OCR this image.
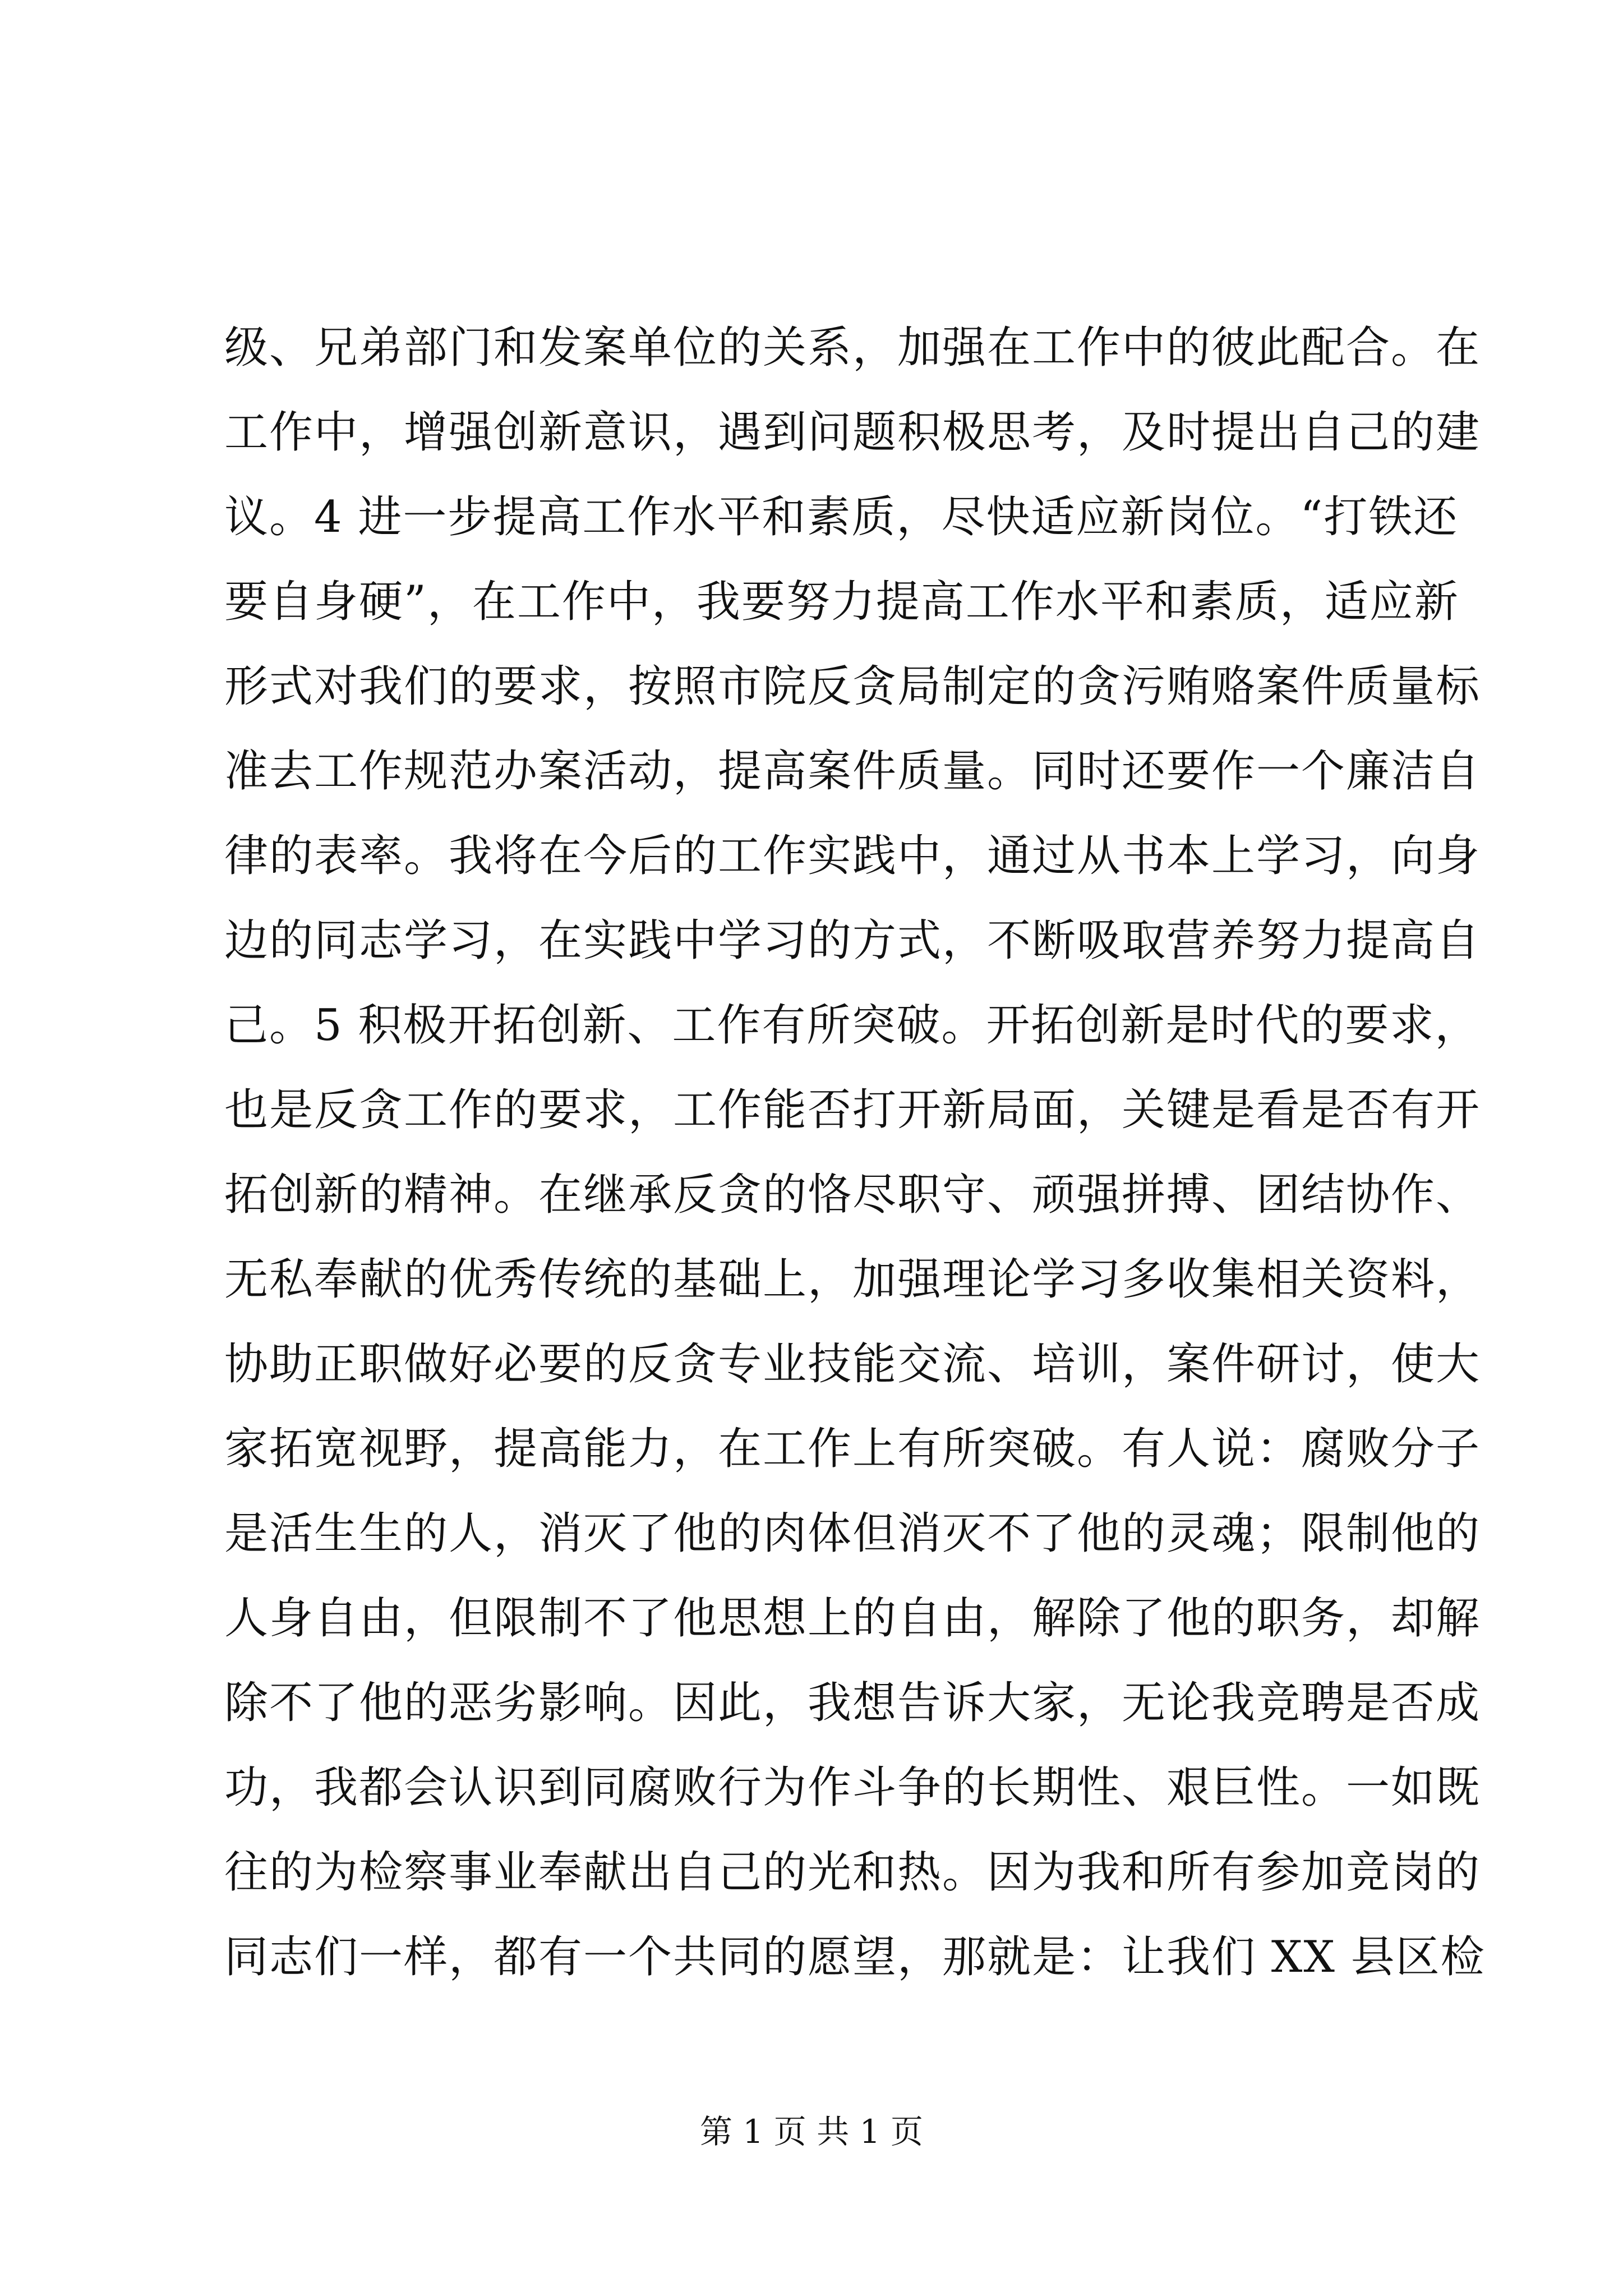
级、兄弟部门和发案单位的关系，加强在工作中的彼此配合。在
工作中，增强创新意识，遇到问题积极思考，及时提出自己的建
议。4 进一步提高工作水平和素质，尽快适应新岗位。“打铁还
要自身硬”，在工作中，我要努力提高工作水平和素质，适应新
形式对我们的要求，按照市院反贪局制定的贪污贿赂案件质量标
准去工作规范办案活动，提高案件质量。同时还要作一个廉洁自
律的表率。我将在今后的工作实践中，通过从书本上学习，向身
边的同志学习，在实践中学习的方式，不断吸取营养努力提高自
己。5 积极开拓创新、工作有所突破。开拓创新是时代的要求，
也是反贪工作的要求，工作能否打开新局面，关键是看是否有开
拓创新的精神。在继承反贪的恪尽职守、顽强拼搏、团结协作、
无私奉献的优秀传统的基础上，加强理论学习多收集相关资料，
协助正职做好必要的反贪专业技能交流、培训，案件研讨，使大
家拓宽视野，提高能力，在工作上有所突破。有人说：腐败分子
是活生生的人，消灭了他的肉体但消灭不了他的灵魂；限制他的
人身自由，但限制不了他思想上的自由，解除了他的职务，却解
除不了他的恶劣影响。因此，我想告诉大家，无论我竞聘是否成
功，我都会认识到同腐败行为作斗争的长期性、艰巨性。一如既
往的为检察事业奉献出自己的光和热。因为我和所有参加竞岗的
同志们一样，都有一个共同的愿望，那就是：让我们 XX 县区检
第 1 页 共 1 页
